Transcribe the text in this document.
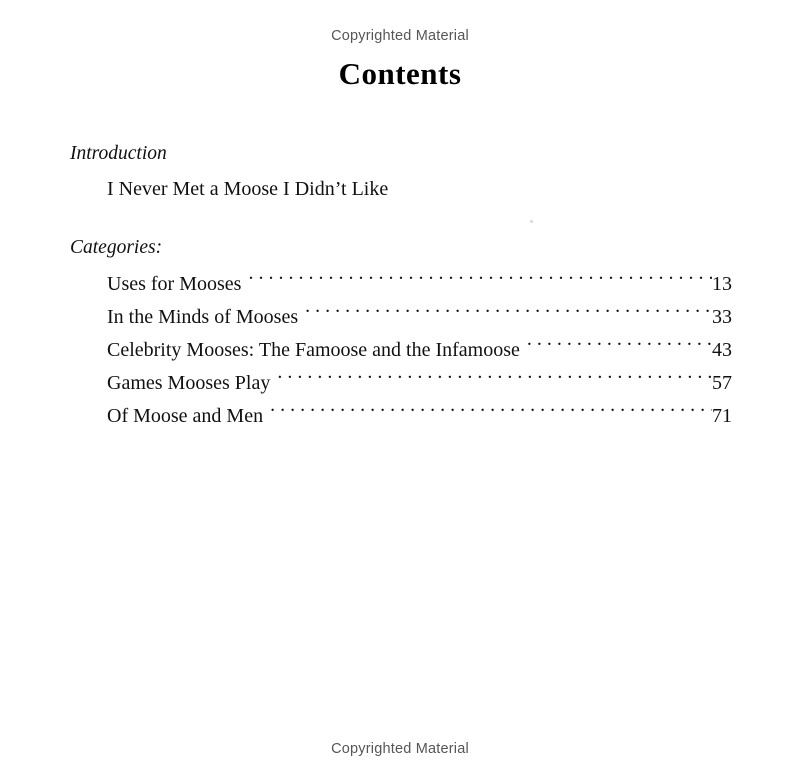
Copyrighted Material
Contents
Introduction
I Never Met a Moose I Didn’t Like
Categories:
Uses for Mooses . . .	13
In the Minds of Mooses . . .	33
Celebrity Mooses: The Famoose and the Infamoose . . .	43
Games Mooses Play . . .	57
Of Moose and Men . . .	71
Copyrighted Material
